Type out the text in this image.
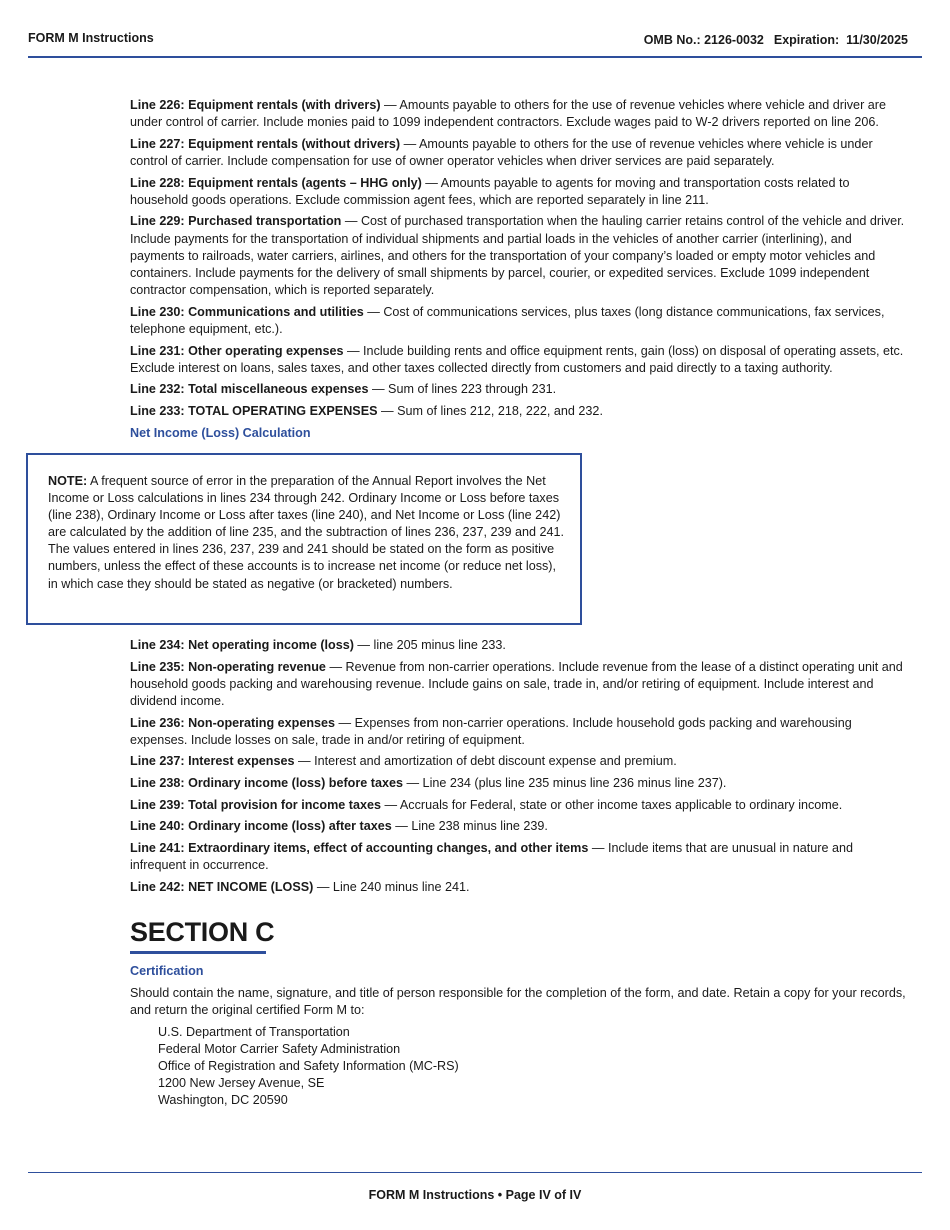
FORM M Instructions	OMB No.: 2126-0032 Expiration: 11/30/2025

Line 226: Equipment rentals (with drivers) — Amounts payable to others for the use of revenue vehicles where vehicle and driver are under control of carrier. Include monies paid to 1099 independent contractors. Exclude wages paid to W-2 drivers reported on line 206.

Line 227: Equipment rentals (without drivers) — Amounts payable to others for the use of revenue vehicles where vehicle is under control of carrier. Include compensation for use of owner operator vehicles when driver services are paid separately.

Line 228: Equipment rentals (agents – HHG only) — Amounts payable to agents for moving and transportation costs related to household goods operations. Exclude commission agent fees, which are reported separately in line 211.

Line 229: Purchased transportation — Cost of purchased transportation when the hauling carrier retains control of the vehicle and driver. Include payments for the transportation of individual shipments and partial loads in the vehicles of another carrier (interlining), and payments to railroads, water carriers, airlines, and others for the transportation of your company’s loaded or empty motor vehicles and containers. Include payments for the delivery of small shipments by parcel, courier, or expedited services. Exclude 1099 independent contractor compensation, which is reported separately.

Line 230: Communications and utilities — Cost of communications services, plus taxes (long distance communications, fax services, telephone equipment, etc.).

Line 231: Other operating expenses — Include building rents and office equipment rents, gain (loss) on disposal of operating assets, etc. Exclude interest on loans, sales taxes, and other taxes collected directly from customers and paid directly to a taxing authority.

Line 232: Total miscellaneous expenses — Sum of lines 223 through 231.

Line 233: TOTAL OPERATING EXPENSES — Sum of lines 212, 218, 222, and 232.

Net Income (Loss) Calculation

NOTE: A frequent source of error in the preparation of the Annual Report involves the Net Income or Loss calculations in lines 234 through 242. Ordinary Income or Loss before taxes (line 238), Ordinary Income or Loss after taxes (line 240), and Net Income or Loss (line 242) are calculated by the addition of line 235, and the subtraction of lines 236, 237, 239 and 241. The values entered in lines 236, 237, 239 and 241 should be stated on the form as positive numbers, unless the effect of these accounts is to increase net income (or reduce net loss), in which case they should be stated as negative (or bracketed) numbers.

Line 234: Net operating income (loss) — line 205 minus line 233.

Line 235: Non-operating revenue — Revenue from non-carrier operations. Include revenue from the lease of a distinct operating unit and household goods packing and warehousing revenue. Include gains on sale, trade in, and/or retiring of equipment. Include interest and dividend income.

Line 236: Non-operating expenses — Expenses from non-carrier operations. Include household gods packing and warehousing expenses. Include losses on sale, trade in and/or retiring of equipment.

Line 237: Interest expenses — Interest and amortization of debt discount expense and premium.

Line 238: Ordinary income (loss) before taxes — Line 234 (plus line 235 minus line 236 minus line 237).

Line 239: Total provision for income taxes — Accruals for Federal, state or other income taxes applicable to ordinary income.

Line 240: Ordinary income (loss) after taxes — Line 238 minus line 239.

Line 241: Extraordinary items, effect of accounting changes, and other items — Include items that are unusual in nature and infrequent in occurrence.

Line 242: NET INCOME (LOSS) — Line 240 minus line 241.

SECTION C

Certification

Should contain the name, signature, and title of person responsible for the completion of the form, and date. Retain a copy for your records, and return the original certified Form M to:
U.S. Department of Transportation
Federal Motor Carrier Safety Administration
Office of Registration and Safety Information (MC-RS)
1200 New Jersey Avenue, SE
Washington, DC 20590
FORM M Instructions • Page IV of IV
